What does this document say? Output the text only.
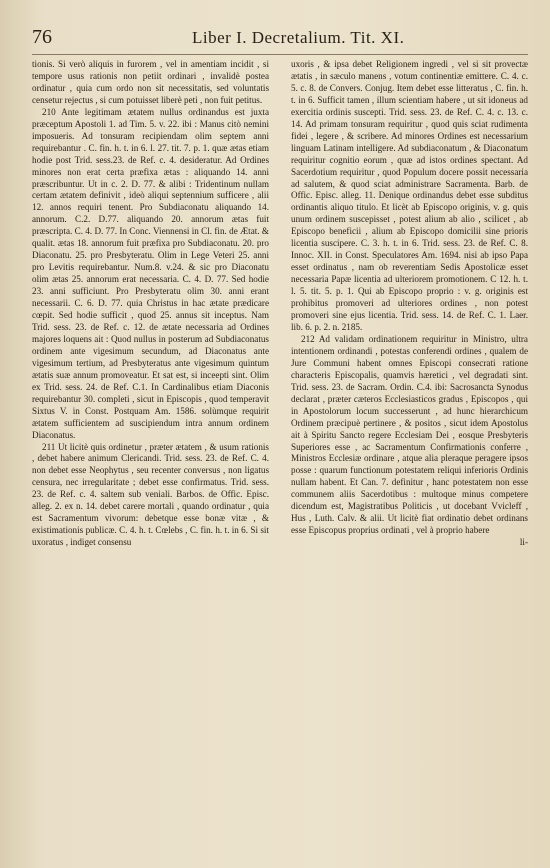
76	Liber I. Decretalium. Tit. XI.

tionis. Si verò aliquis in furorem , vel in amentiam incidit , si tempore usus rationis non petiit ordinari , invalidè postea ordinatur , quia cum ordo non sit necessitatis, sed voluntatis censetur rejectus , si cum potuisset liberè peti , non fuit petitus.

210 Ante legitimam ætatem nullus ordinandus est juxta præceptum Apostoli 1. ad Tim. 5. v. 22. ibi : Manus citò nemini imposueris. Ad tonsuram recipiendam olim septem anni requirebantur . C. fin. h. t. in 6. l. 27. tit. 7. p. 1. quæ ætas etiam hodie post Trid. sess.23. de Ref. c. 4. desideratur. Ad Ordines minores non erat certa præfixa ætas : aliquando 14. anni præscribuntur. Ut in c. 2. D. 77. & alibi : Tridentinum nullam certam ætatem definivit , ideò aliqui septennium sufficere , alii 12. annos requiri tenent. Pro Subdiaconatu aliquando 14. annorum. C.2. D.77. aliquando 20. annorum ætas fuit præscripta. C. 4. D. 77. In Conc. Viennensi in Cl. fin. de Ætat. & qualit. ætas 18. annorum fuit præfixa pro Subdiaconatu. 20. pro Diaconatu. 25. pro Presbyteratu. Olim in Lege Veteri 25. anni pro Levitis requirebantur. Num.8. v.24. & sic pro Diaconatu olim ætas 25. annorum erat necessaria. C. 4. D. 77. Sed hodie 23. anni sufficiunt. Pro Presbyteratu olim 30. anni erant necessarii. C. 6. D. 77. quia Christus in hac ætate prædicare cœpit. Sed hodie sufficit , quod 25. annus sit inceptus. Nam Trid. sess. 23. de Ref. c. 12. de ætate necessaria ad Ordines majores loquens ait : Quod nullus in posterum ad Subdiaconatus ordinem ante vigesimum secundum, ad Diaconatus ante vigesimum tertium, ad Presbyteratus ante vigesimum quintum ætatis suæ annum promoveatur. Et sat est, si inceepti sint. Olim ex Trid. sess. 24. de Ref. C.1. In Cardinalibus etiam Diaconis requirebantur 30. completi , sicut in Episcopis , quod temperavit Sixtus V. in Const. Postquam Am. 1586. solùmque requirit ætatem sufficientem ad suscipiendum intra annum ordinem Diaconatus.

211 Ut licitè quis ordinetur , præter ætatem , & usum rationis , debet habere animum Clericandi. Trid. sess. 23. de Ref. C. 4. non debet esse Neophytus , seu recenter conversus , non ligatus censura, nec irregularitate ; debet esse confirmatus. Trid. sess. 23. de Ref. c. 4. saltem sub veniali. Barbos. de Offic. Episc. alleg. 2. ex n. 14. debet carere mortali , quando ordinatur , quia est Sacramentum vivorum: debetque esse bonæ vitæ , & existimationis publicæ. C. 4. h. t. Cœlebs , C. fin. h. t. in 6. Si sit uxoratus , indiget consensu

uxoris , & ipsa debet Religionem ingredi , vel si sit provectæ ætatis , in sæculo manens , votum continentiæ emittere. C. 4. c. 5. c. 8. de Convers. Conjug. Item debet esse litteratus , C. fin. h. t. in 6. Sufficit tamen , illum scientiam habere , ut sit idoneus ad exercitia ordinis suscepti. Trid. sess. 23. de Ref. C. 4. c. 13. c. 14. Ad primam tonsuram requiritur , quod quis sciat rudimenta fidei , legere , & scribere. Ad minores Ordines est necessarium linguam Latinam intelligere. Ad subdiaconatum , & Diaconatum requiritur cognitio eorum , quæ ad istos ordines spectant. Ad Sacerdotium requiritur , quod Populum docere possit necessaria ad salutem, & quod sciat administrare Sacramenta. Barb. de Offic. Episc. alleg. 11. Denique ordinandus debet esse subditus ordinantis aliquo titulo. Et licèt ab Episcopo originis, v. g. quis unum ordinem suscepisset , potest alium ab alio , scilicet , ab Episcopo beneficii , alium ab Episcopo domicilii sine prioris licentia suscipere. C. 3. h. t. in 6. Trid. sess. 23. de Ref. C. 8. Innoc. XII. in Const. Speculatores Am. 1694. nisi ab ipso Papa esset ordinatus , nam ob reverentiam Sedis Apostolicæ esset necessaria Papæ licentia ad ulteriorem promotionem. C 12. h. t. l. 5. tit. 5. p. 1. Qui ab Episcopo proprio : v. g. originis est prohibitus promoveri ad ulteriores ordines , non potest promoveri sine ejus licentia. Trid. sess. 14. de Ref. C. 1. Laer. lib. 6. p. 2. n. 2185.

212 Ad validam ordinationem requiritur in Ministro, ultra intentionem ordinandi , potestas conferendi ordines , qualem de Jure Communi habent omnes Episcopi consecrati ratione characteris Episcopalis, quamvis hæretici , vel degradati sint. Trid. sess. 23. de Sacram. Ordin. C.4. ibi: Sacrosancta Synodus declarat , præter cæteros Ecclesiasticos gradus , Episcopos , qui in Apostolorum locum successerunt , ad hunc hierarchicum Ordinem præcipuè pertinere , & positos , sicut idem Apostolus ait à Spiritu Sancto regere Ecclesiam Dei , eosque Presbyteris Superiores esse , ac Sacramentum Confirmationis conferre , Ministros Ecclesiæ ordinare , atque alia pleraque peragere ipsos posse : quarum functionum potestatem reliqui inferioris Ordinis nullam habent. Et Can. 7. definitur , hanc potestatem non esse communem aliis Sacerdotibus : multoque minus competere dicendum est, Magistratibus Politicis , ut docebant Vvicleff , Hus , Luth. Calv. & alii. Ut licitè fiat ordinatio debet ordinans esse Episcopus proprius ordinati , vel à proprio habere

li-
